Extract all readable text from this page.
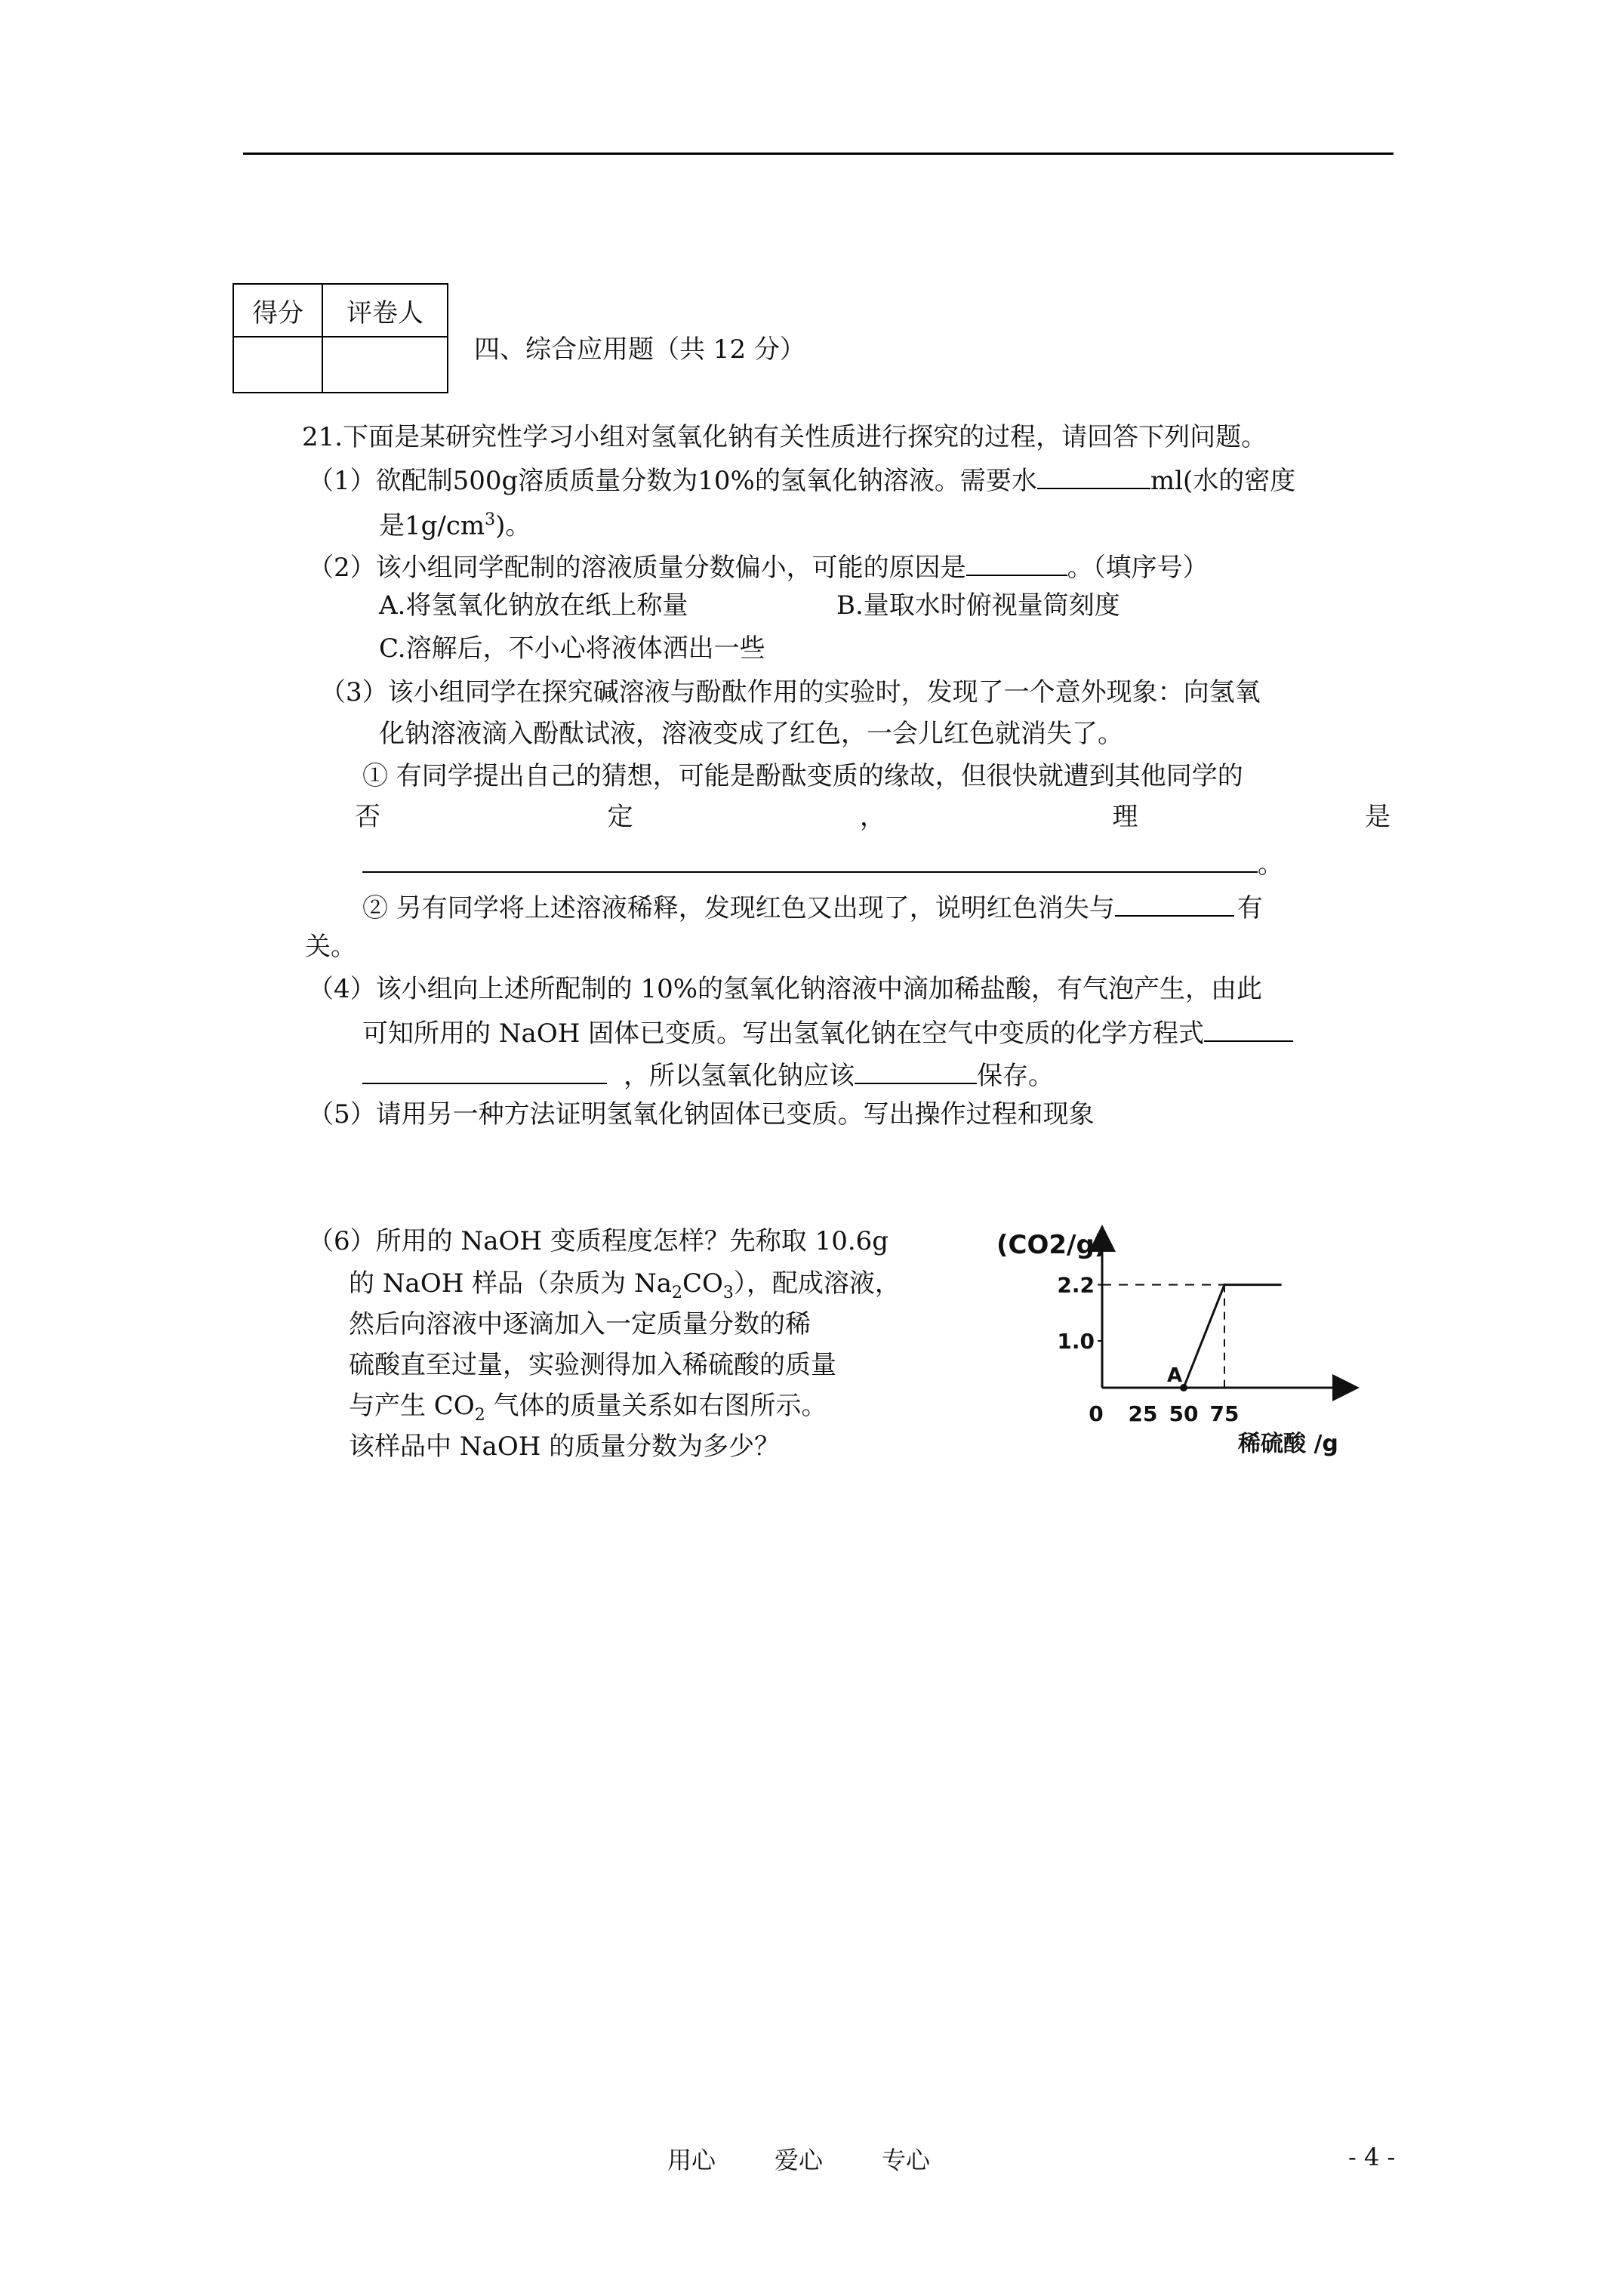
得分	评卷人

四、综合应用题（共 12 分）
21.下面是某研究性学习小组对氢氧化钠有关性质进行探究的过程，请回答下列问题。
（1）欲配制500g溶质质量分数为10%的氢氧化钠溶液。需要水	ml(水的密度
是$1g/cm^3$)。
（2）该小组同学配制的溶液质量分数偏小，可能的原因是	。（填序号）
A.将氢氧化钠放在纸上称量	B.量取水时俯视量筒刻度
C.溶解后，不小心将液体洒出一些
（3）该小组同学在探究碱溶液与酚酞作用的实验时，发现了一个意外现象：向氢氧
化钠溶液滴入酚酞试液，溶液变成了红色，一会儿红色就消失了。
① 有同学提出自己的猜想，可能是酚酞变质的缘故，但很快就遭到其他同学的
否	定	，	理	是
。
② 另有同学将上述溶液稀释，发现红色又出现了，说明红色消失与	有
关。
（4）该小组向上述所配制的 10%的氢氧化钠溶液中滴加稀盐酸，有气泡产生，由此
可知所用的 NaOH 固体已变质。写出氢氧化钠在空气中变质的化学方程式
，所以氢氧化钠应该	保存。
（5）请用另一种方法证明氢氧化钠固体已变质。写出操作过程和现象
（6）所用的 NaOH 变质程度怎样？先称取 10.6g
的 NaOH 样品（杂质为 $Na_2CO_3$），配成溶液，
然后向溶液中逐滴加入一定质量分数的稀
硫酸直至过量，实验测得加入稀硫酸的质量
与产生 $CO_2$ 气体的质量关系如右图所示。
该样品中 NaOH 的质量分数为多少？
(CO2/g)
0 25 50 75
1.0
2.2
A
稀硫酸 /g
用心 爱心 专心	- 4 -
